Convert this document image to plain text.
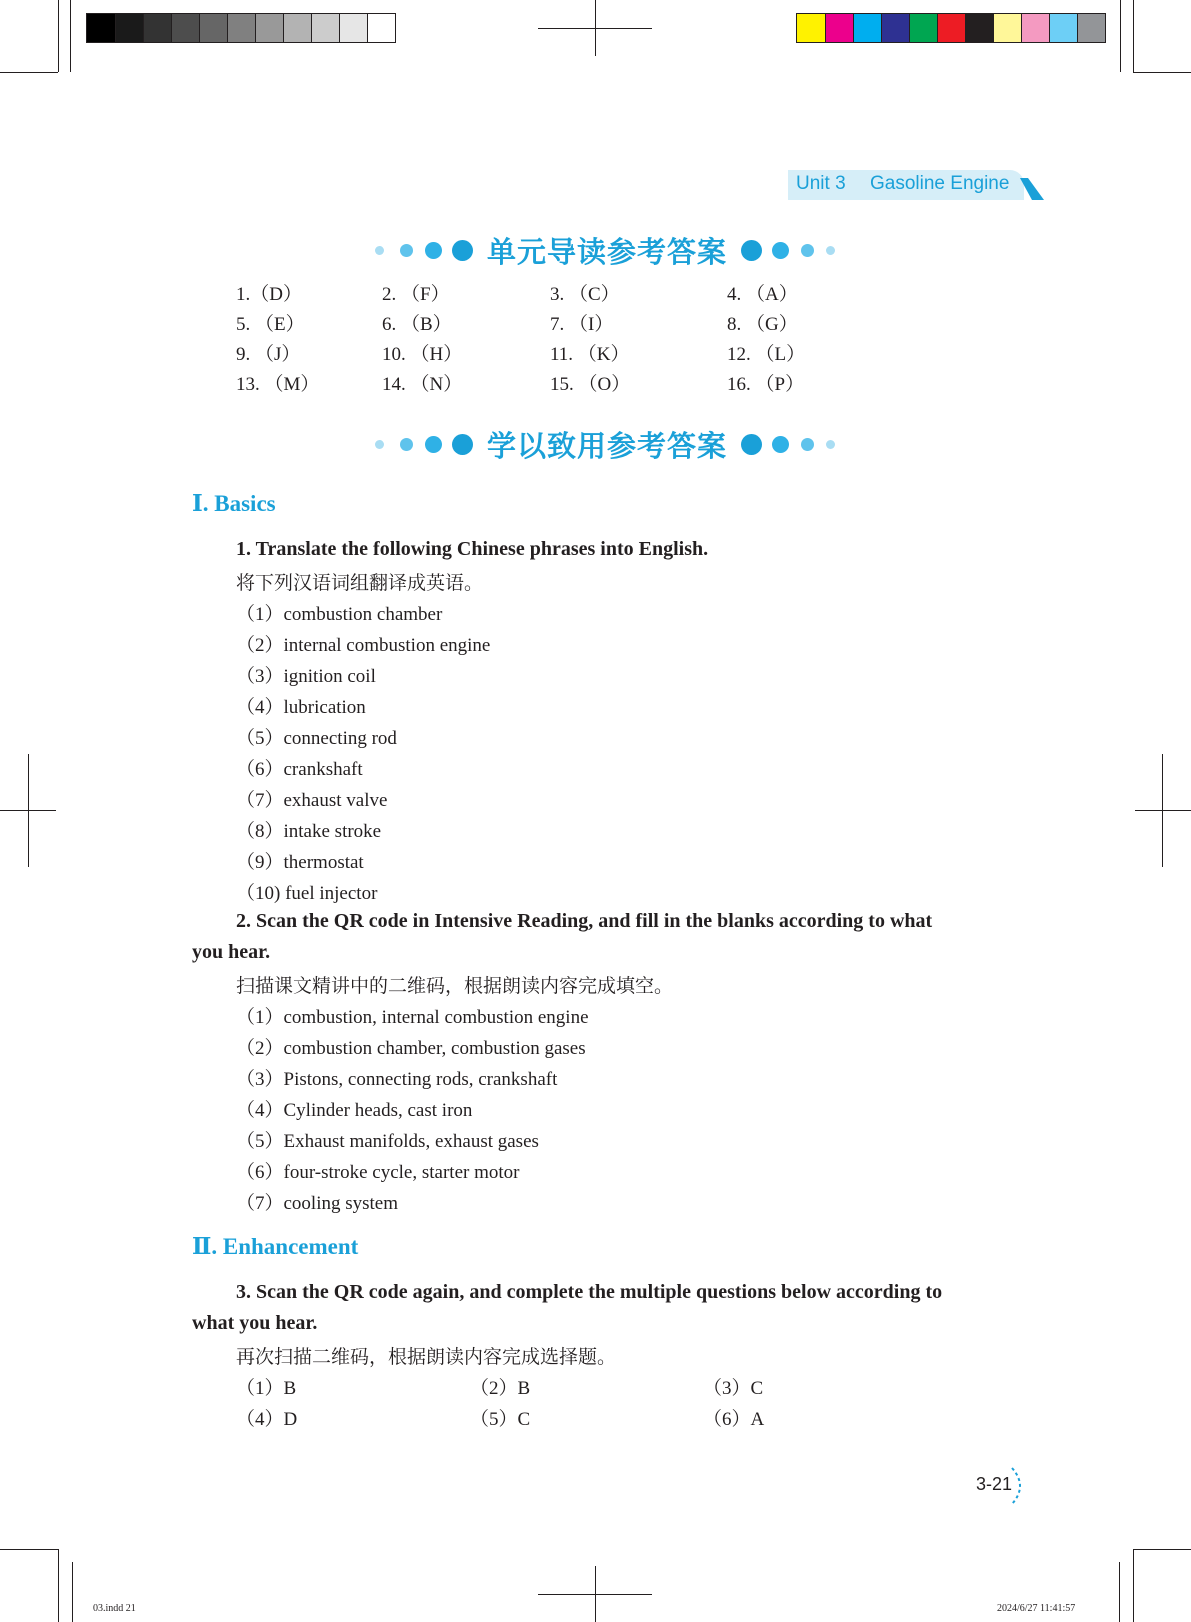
Unit 3 Gasoline Engine
单元导读参考答案
1.（D）	2. （F）	3. （C）	4. （A）
5. （E）	6. （B）	7. （I）	8. （G）
9. （J）	10. （H）	11. （K）	12. （L）
13. （M）	14. （N）	15. （O）	16. （P）
学以致用参考答案
Ⅰ. Basics
1. Translate the following Chinese phrases into English.
将下列汉语词组翻译成英语。
（1）combustion chamber
（2）internal combustion engine
（3）ignition coil
（4）lubrication
（5）connecting rod
（6）crankshaft
（7）exhaust valve
（8）intake stroke
（9）thermostat
（10) fuel injector
2. Scan the QR code in Intensive Reading, and fill in the blanks according to what
you hear.
扫描课文精讲中的二维码，根据朗读内容完成填空。
（1）combustion, internal combustion engine
（2）combustion chamber, combustion gases
（3）Pistons, connecting rods, crankshaft
（4）Cylinder heads, cast iron
（5）Exhaust manifolds, exhaust gases
（6）four-stroke cycle, starter motor
（7）cooling system
Ⅱ. Enhancement
3. Scan the QR code again, and complete the multiple questions below according to
what you hear.
再次扫描二维码，根据朗读内容完成选择题。
（1）B	（2）B	（3）C
（4）D	（5）C	（6）A
3-21
03.indd 21	2024/6/27 11:41:57
